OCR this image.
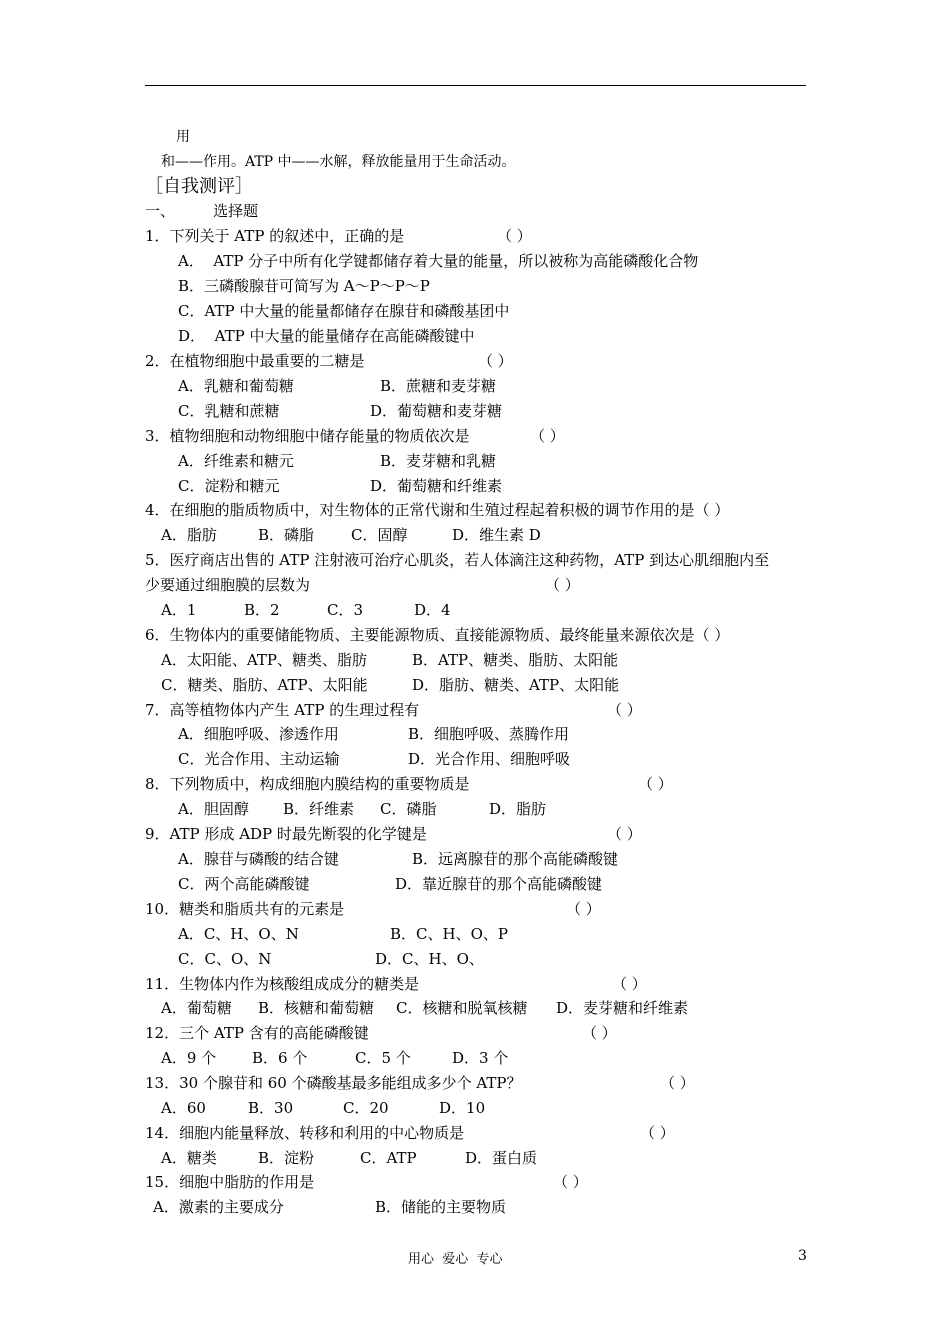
用
和——作用。ATP 中——水解，释放能量用于生命活动。
［自我测评］
一、        选择题
1．下列关于 ATP 的叙述中，正确的是	（ ）
A．  ATP 分子中所有化学键都储存着大量的能量，所以被称为高能磷酸化合物
B．三磷酸腺苷可简写为 A～P～P～P
C．ATP 中大量的能量都储存在腺苷和磷酸基团中
D．  ATP 中大量的能量储存在高能磷酸键中
2．在植物细胞中最重要的二糖是	（ ）
A．乳糖和葡萄糖	B．蔗糖和麦芽糖
C．乳糖和蔗糖	D．葡萄糖和麦芽糖
3．植物细胞和动物细胞中储存能量的物质依次是	（ ）
A．纤维素和糖元	B．麦芽糖和乳糖
C．淀粉和糖元	D．葡萄糖和纤维素
4．在细胞的脂质物质中，对生物体的正常代谢和生殖过程起着积极的调节作用的是（ ）
A．脂肪	B．磷脂 C．固醇	D．维生素 D
5．医疗商店出售的 ATP 注射液可治疗心肌炎，若人体滴注这种药物，ATP 到达心肌细胞内至
少要通过细胞膜的层数为	（ ）
A．1	B．2	C．3	D．4
6．生物体内的重要储能物质、主要能源物质、直接能源物质、最终能量来源依次是（ ）
A．太阳能、ATP、糖类、脂肪	B．ATP、糖类、脂肪、太阳能
C．糖类、脂肪、ATP、太阳能	D．脂肪、糖类、ATP、太阳能
7．高等植物体内产生 ATP 的生理过程有	（ ）
A．细胞呼吸、渗透作用	B．细胞呼吸、蒸腾作用
C．光合作用、主动运输	D．光合作用、细胞呼吸
8．下列物质中，构成细胞内膜结构的重要物质是	（ ）
A．胆固醇 B．纤维素 C．磷脂	D．脂肪
9．ATP 形成 ADP 时最先断裂的化学键是	（ ）
A．腺苷与磷酸的结合键	B．远离腺苷的那个高能磷酸键
C．两个高能磷酸键	D．靠近腺苷的那个高能磷酸键
10．糖类和脂质共有的元素是	（ ）
A．C、H、O、N	B．C、H、O、P
C．C、O、N	D．C、H、O、
11．生物体内作为核酸组成成分的糖类是	（ ）
A．葡萄糖 B．核糖和葡萄糖 C．核糖和脱氧核糖 D．麦芽糖和纤维素
12．三个 ATP 含有的高能磷酸键	（ ）
A．9 个 B．6 个	C．5 个	D．3 个
13．30 个腺苷和 60 个磷酸基最多能组成多少个 ATP？	（ ）
A．60	B．30	C．20	D．10
14．细胞内能量释放、转移和利用的中心物质是	（ ）
A．糖类	B．淀粉	C．ATP	D．蛋白质
15．细胞中脂肪的作用是	（ ）
A．激素的主要成分	B．储能的主要物质
用心  爱心  专心	3
